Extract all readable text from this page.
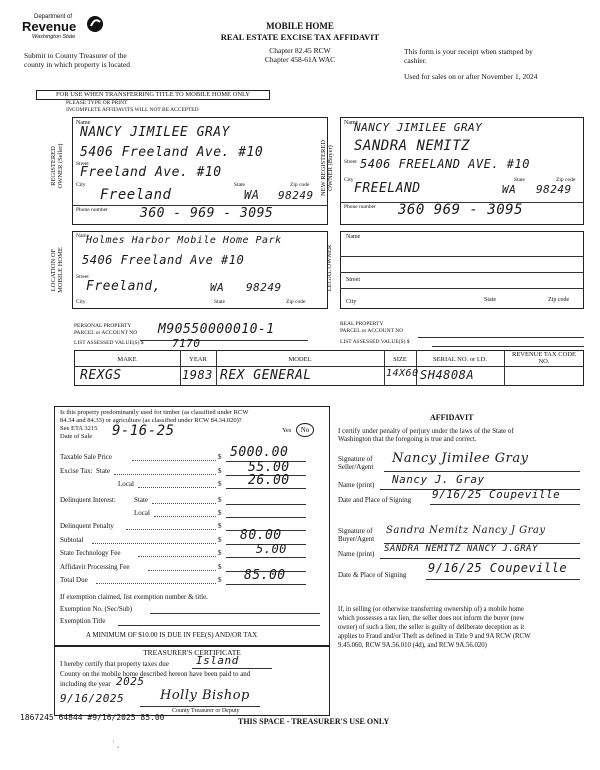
Department of
Revenue
Washington State
Submit to County Treasurer of the
county in which property is located
MOBILE HOME
REAL ESTATE EXCISE TAX AFFIDAVIT
Chapter 82.45 RCW
Chapter 458-61A WAC
This form is your receipt when stamped by
cashier.
Used for sales on or after November 1, 2024
FOR USE WHEN TRANSFERRING TITLE TO MOBILE HOME ONLY
PLEASE TYPE OR PRINT
INCOMPLETE AFFIDAVITS WILL NOT BE ACCEPTED
REGISTERED OWNER (Seller)
Name
NANCY JIMILEE GRAY
5406 Freeland Ave. #10
Street
Freeland Ave. #10
City	State	Zip code
Freeland	WA 98249
Phone number 360 - 969 - 3095
NEW REGISTERED OWNER (Buyer)
Name
NANCY JIMILEE GRAY
SANDRA NEMITZ
Street 5406 FREELAND AVE. #10
City	State	Zip code
FREELAND	WA 98249
Phone number 360 969 - 3095
LOCATION OF MOBILE HOME
Name
Holmes Harbor Mobile Home Park
5406 Freeland Ave #10
Street
Freeland,	WA 98249
City	State	Zip code
LEGAL OWNER
Name
Street
City	State	Zip code
PERSONAL PROPERTY
PARCEL or ACCOUNT NO M90550000010-1
LIST ASSESSED VALUE(S) $	7170
REAL PROPERTY
PARCEL or ACCOUNT NO
LIST ASSESSED VALUE(S) $
MAKE	YEAR	MODEL	SIZE	SERIAL NO. or I.D.
REVENUE TAX CODE NO.
REXGS	1983 REX GENERAL	14X60 SH4808A
Is this property predominantly used for timber (as classified under RCW
84.34 and 84.33) or agriculture (as classified under RCW 84.34.020)?
See ETA 3215
Date of Sale 9-16-25	Yes	No
Taxable Sale Price	$ 5000.00
Excise Tax: State	$ 55.00
Local	$ 26.00
Delinquent Interest:	State	$
Local	$
Delinquent Penalty	$
Subtotal	$ 80.00
State Technology Fee	$	5.00
Affidavit Processing Fee	$
Total Due	$ 85.00
If exemption claimed, list exemption number & title.
Exemption No. (Sec/Sub)
Exemption Title
A MINIMUM OF $10.00 IS DUE IN FEE(S) AND/OR TAX
AFFIDAVIT
I certify under penalty of perjury under the laws of the State of
Washington that the foregoing is true and correct.
Signature of
Seller/Agent
Nancy Jimilee Gray
Name (print) Nancy J. Gray
Date and Place of Signing 9/16/25 Coupeville
Signature of
Buyer/Agent
Sandra Nemitz Nancy J Gray
Name (print) SANDRA NEMITZ NANCY J.GRAY
Date & Place of Signing 9/16/25 Coupeville
If, in selling (or otherwise transferring ownership of) a mobile home
which possesses a tax lien, the seller does not inform the buyer (new
owner) of such a lien, the seller is guilty of deliberate deception as it
applies to Fraud and/or Theft as defined in Title 9 and 9A RCW (RCW
9.45.060, RCW 9A.56.010 (4d), and RCW 9A.56.020)
TREASURER'S CERTIFICATE
I hereby certify that property taxes due Island
County on the mobile home described hereon have been paid to and
including the year 2025
9/16/2025	Holly Bishop
County Treasurer or Deputy
1867245 64844 #9/16/2025 85.00	THIS SPACE - TREASURER'S USE ONLY
˙ ˎ
